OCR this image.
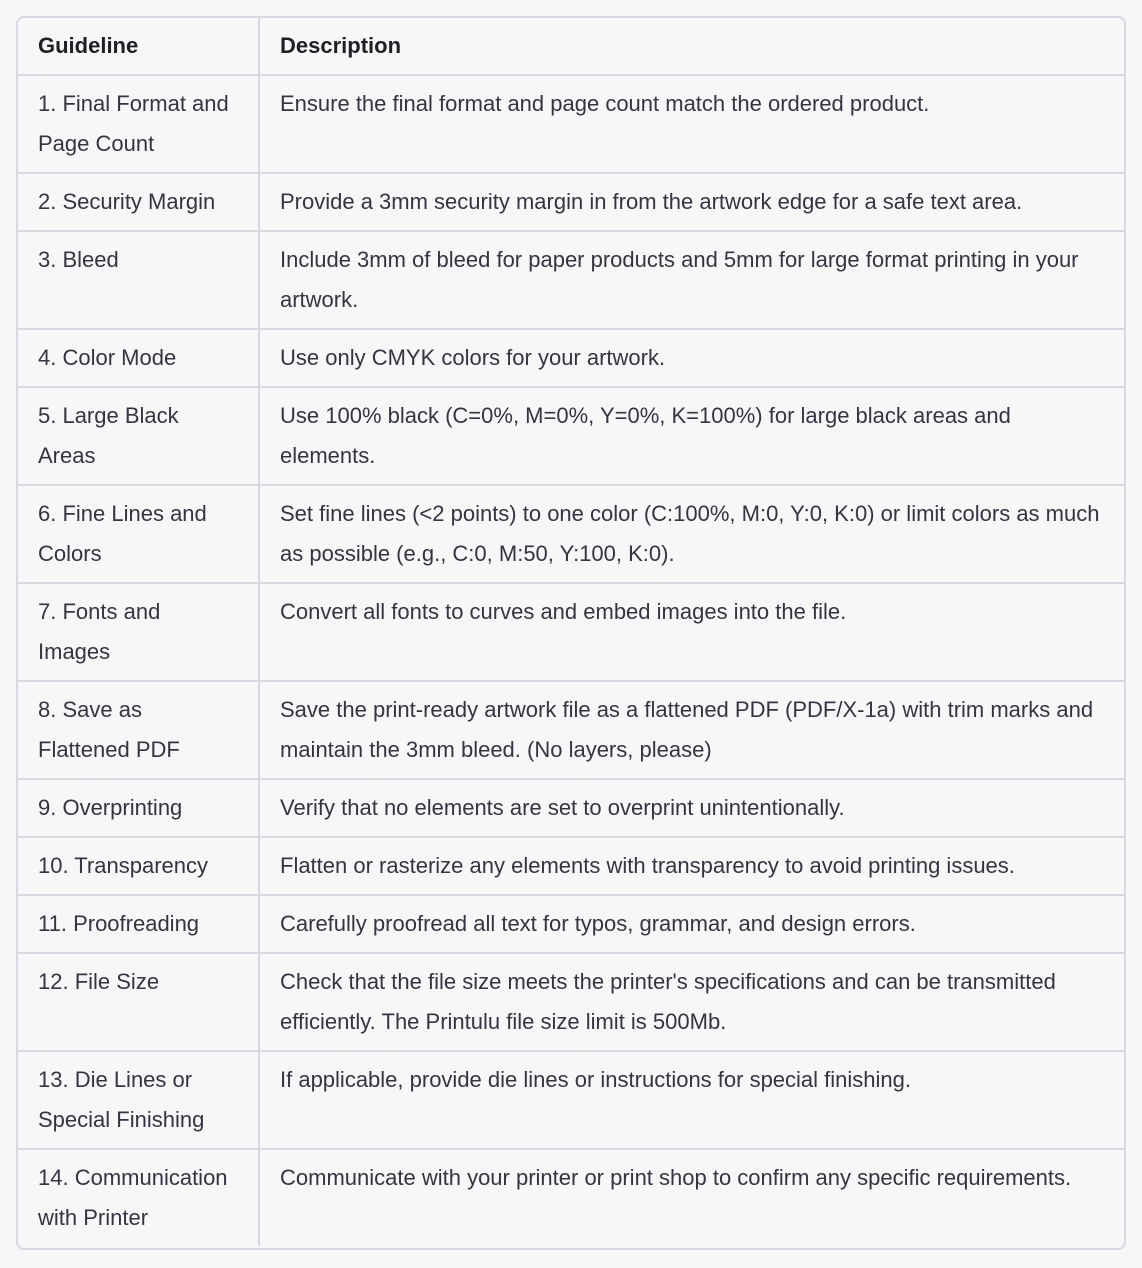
Guideline	Description
1. Final Format and Page Count	Ensure the final format and page count match the ordered product.
2. Security Margin	Provide a 3mm security margin in from the artwork edge for a safe text area.
3. Bleed	Include 3mm of bleed for paper products and 5mm for large format printing in your artwork.
4. Color Mode	Use only CMYK colors for your artwork.
5. Large Black Areas	Use 100% black (C=0%, M=0%, Y=0%, K=100%) for large black areas and elements.
6. Fine Lines and Colors	Set fine lines (<2 points) to one color (C:100%, M:0, Y:0, K:0) or limit colors as much as possible (e.g., C:0, M:50, Y:100, K:0).
7. Fonts and Images	Convert all fonts to curves and embed images into the file.
8. Save as Flattened PDF	Save the print-ready artwork file as a flattened PDF (PDF/X-1a) with trim marks and maintain the 3mm bleed. (No layers, please)
9. Overprinting	Verify that no elements are set to overprint unintentionally.
10. Transparency	Flatten or rasterize any elements with transparency to avoid printing issues.
11. Proofreading	Carefully proofread all text for typos, grammar, and design errors.
12. File Size	Check that the file size meets the printer's specifications and can be transmitted efficiently. The Printulu file size limit is 500Mb.
13. Die Lines or Special Finishing	If applicable, provide die lines or instructions for special finishing.
14. Communication with Printer	Communicate with your printer or print shop to confirm any specific requirements.
